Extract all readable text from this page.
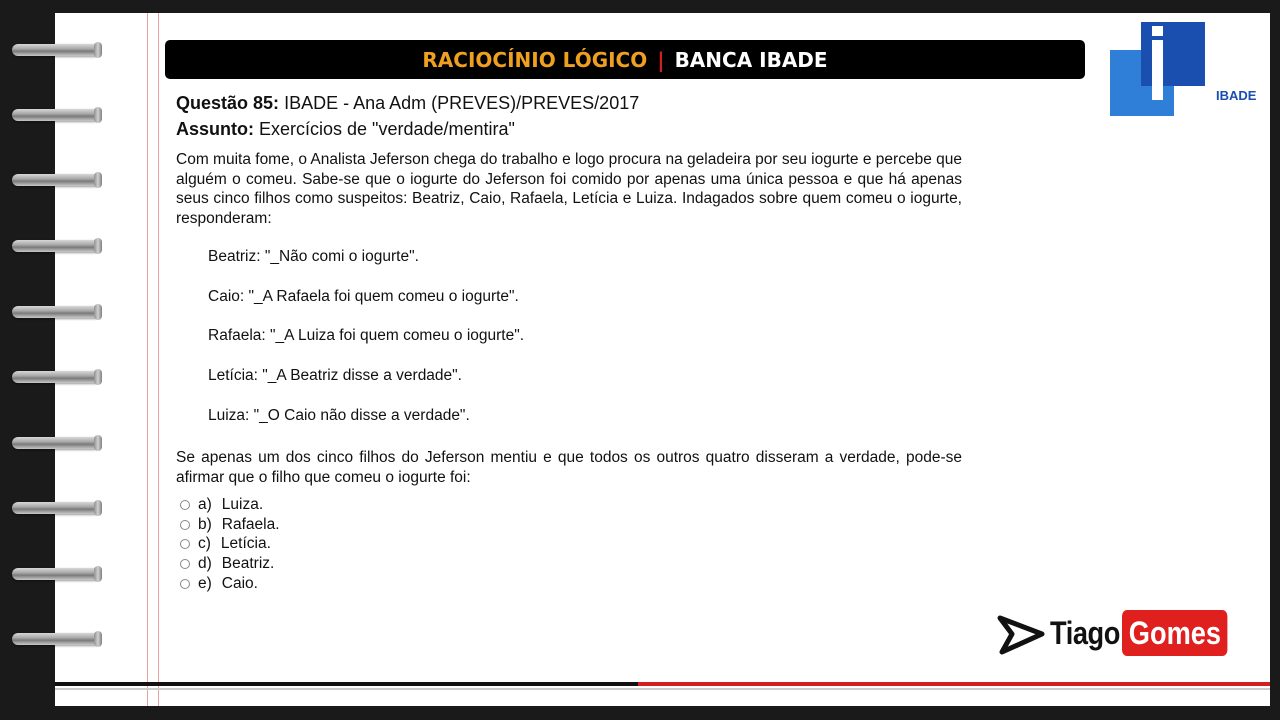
RACIOCÍNIO LÓGICO | BANCA IBADE
IBADE
Questão 85: IBADE - Ana Adm (PREVES)/PREVES/2017
Assunto: Exercícios de "verdade/mentira"

Com muita fome, o Analista Jeferson chega do trabalho e logo procura na geladeira por seu iogurte e percebe que alguém o comeu. Sabe-se que o iogurte do Jeferson foi comido por apenas uma única pessoa e que há apenas seus cinco filhos como suspeitos: Beatriz, Caio, Rafaela, Letícia e Luiza. Indagados sobre quem comeu o iogurte, responderam:

Beatriz: "_Não comi o iogurte".
Caio: "_A Rafaela foi quem comeu o iogurte".
Rafaela: "_A Luiza foi quem comeu o iogurte".
Letícia: "_A Beatriz disse a verdade".
Luiza: "_O Caio não disse a verdade".

Se apenas um dos cinco filhos do Jeferson mentiu e que todos os outros quatro disseram a verdade, pode-se afirmar que o filho que comeu o iogurte foi:

a) Luiza.
b) Rafaela.
c) Letícia.
d) Beatriz.
e) Caio.
Tiago Gomes
